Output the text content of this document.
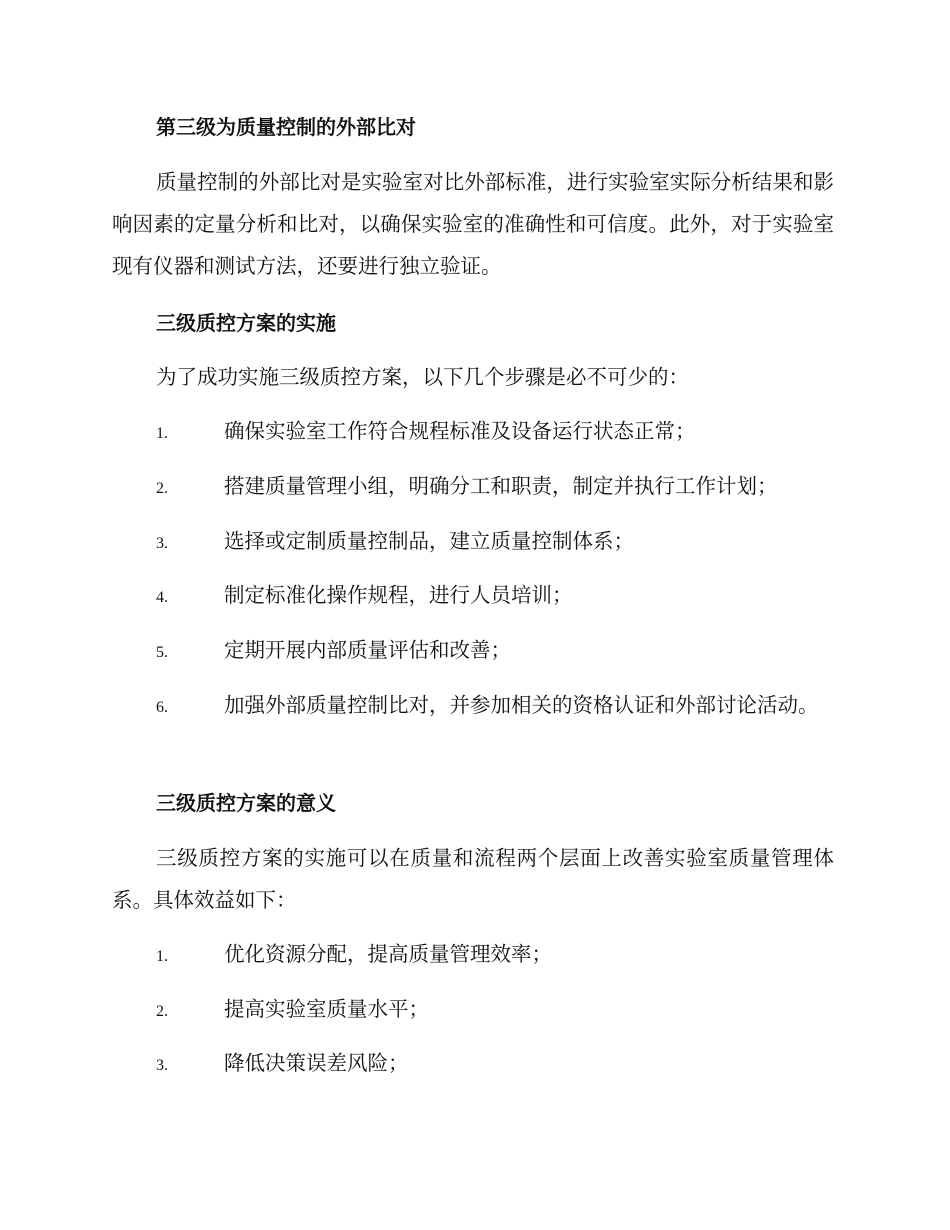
第三级为质量控制的外部比对
质量控制的外部比对是实验室对比外部标准，进行实验室实际分析结果和影响因素的定量分析和比对，以确保实验室的准确性和可信度。此外，对于实验室现有仪器和测试方法，还要进行独立验证。
三级质控方案的实施
为了成功实施三级质控方案，以下几个步骤是必不可少的：
1.	确保实验室工作符合规程标准及设备运行状态正常；
2.	搭建质量管理小组，明确分工和职责，制定并执行工作计划；
3.	选择或定制质量控制品，建立质量控制体系；
4.	制定标准化操作规程，进行人员培训；
5.	定期开展内部质量评估和改善；
6.	加强外部质量控制比对，并参加相关的资格认证和外部讨论活动。
三级质控方案的意义
三级质控方案的实施可以在质量和流程两个层面上改善实验室质量管理体系。具体效益如下：
1.	优化资源分配，提高质量管理效率；
2.	提高实验室质量水平；
3.	降低决策误差风险；
